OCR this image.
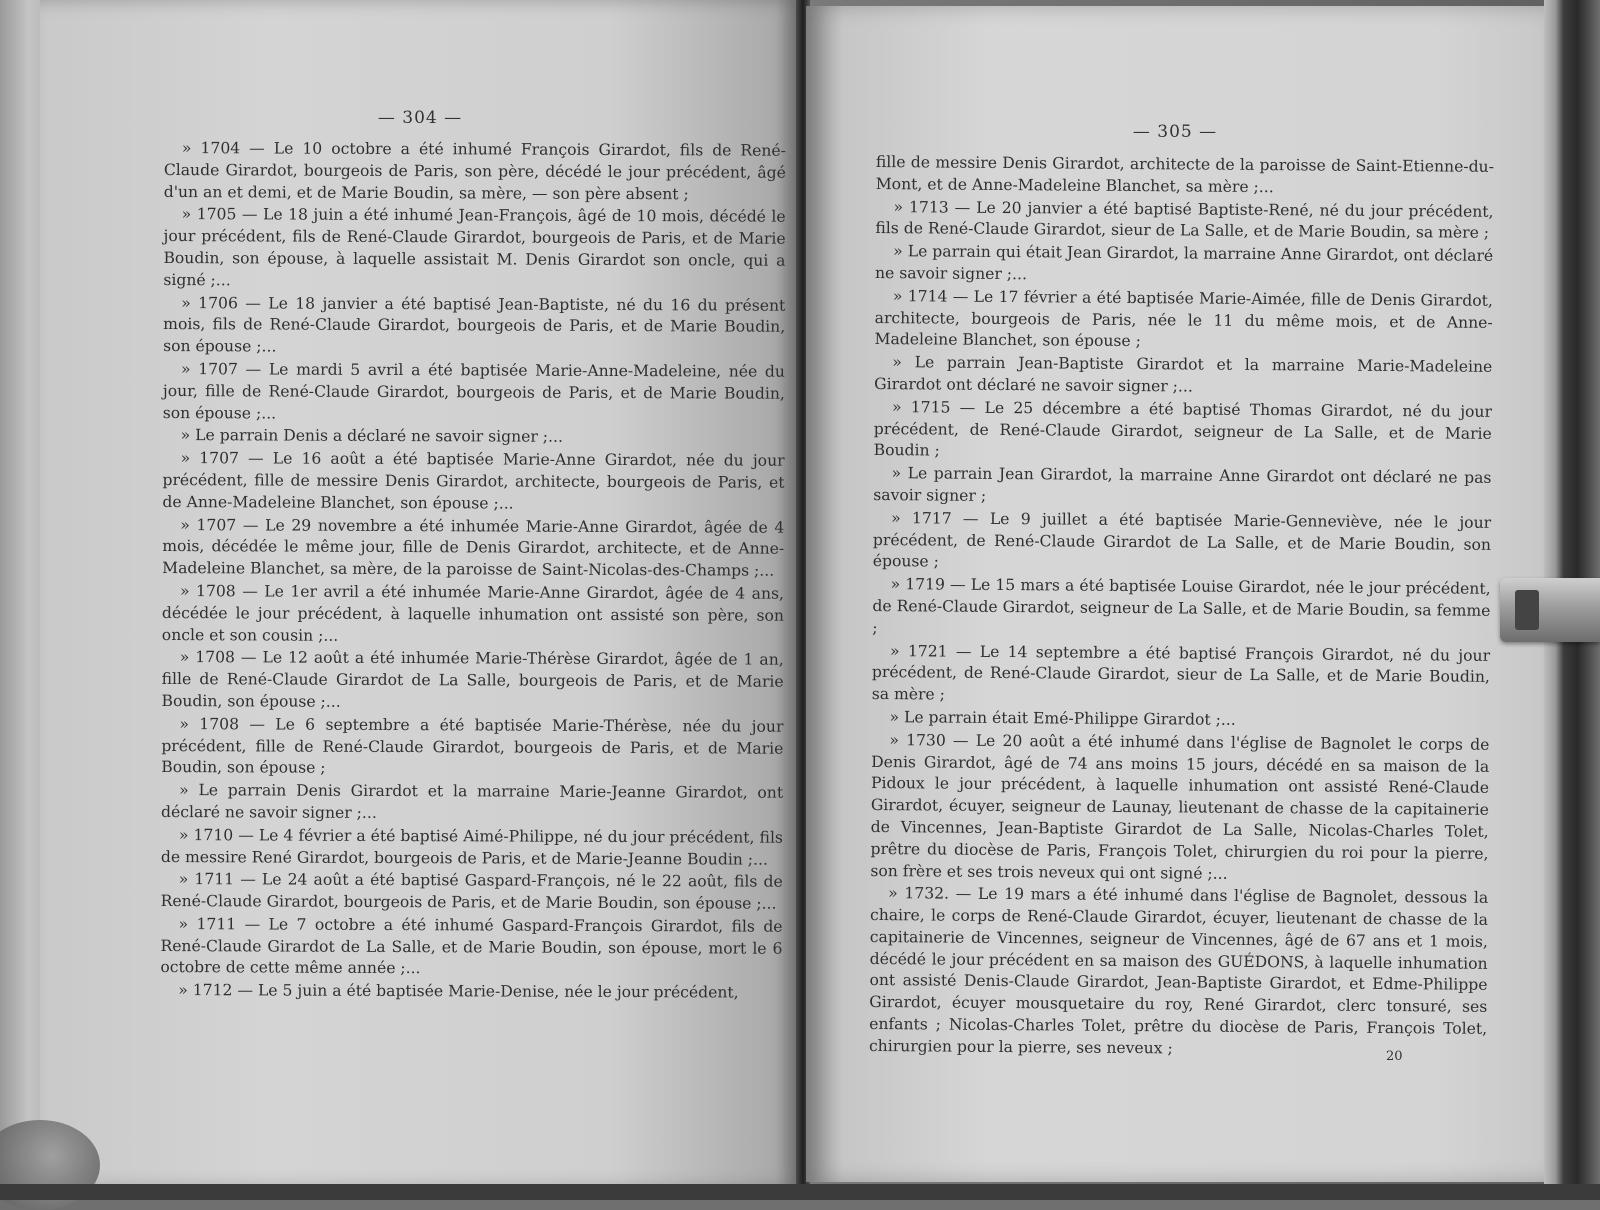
— 304 —

» 1704 — Le 10 octobre a été inhumé François Girardot, fils de René-Claude Girardot, bourgeois de Paris, son père, décédé le jour précédent, âgé d'un an et demi, et de Marie Boudin, sa mère, — son père absent ;

» 1705 — Le 18 juin a été inhumé Jean-François, âgé de 10 mois, décédé le jour précédent, fils de René-Claude Girardot, bourgeois de Paris, et de Marie Boudin, son épouse, à laquelle assistait M. Denis Girardot son oncle, qui a signé ;...

» 1706 — Le 18 janvier a été baptisé Jean-Baptiste, né du 16 du présent mois, fils de René-Claude Girardot, bourgeois de Paris, et de Marie Boudin, son épouse ;...

» 1707 — Le mardi 5 avril a été baptisée Marie-Anne-Madeleine, née du jour, fille de René-Claude Girardot, bourgeois de Paris, et de Marie Boudin, son épouse ;...

» Le parrain Denis a déclaré ne savoir signer ;...

» 1707 — Le 16 août a été baptisée Marie-Anne Girardot, née du jour précédent, fille de messire Denis Girardot, architecte, bourgeois de Paris, et de Anne-Madeleine Blanchet, son épouse ;...

» 1707 — Le 29 novembre a été inhumée Marie-Anne Girardot, âgée de 4 mois, décédée le même jour, fille de Denis Girardot, architecte, et de Anne-Madeleine Blanchet, sa mère, de la paroisse de Saint-Nicolas-des-Champs ;...

» 1708 — Le 1er avril a été inhumée Marie-Anne Girardot, âgée de 4 ans, décédée le jour précédent, à laquelle inhumation ont assisté son père, son oncle et son cousin ;...

» 1708 — Le 12 août a été inhumée Marie-Thérèse Girardot, âgée de 1 an, fille de René-Claude Girardot de La Salle, bourgeois de Paris, et de Marie Boudin, son épouse ;...

» 1708 — Le 6 septembre a été baptisée Marie-Thérèse, née du jour précédent, fille de René-Claude Girardot, bourgeois de Paris, et de Marie Boudin, son épouse ;

» Le parrain Denis Girardot et la marraine Marie-Jeanne Girardot, ont déclaré ne savoir signer ;...

» 1710 — Le 4 février a été baptisé Aimé-Philippe, né du jour précédent, fils de messire René Girardot, bourgeois de Paris, et de Marie-Jeanne Boudin ;...

» 1711 — Le 24 août a été baptisé Gaspard-François, né le 22 août, fils de René-Claude Girardot, bourgeois de Paris, et de Marie Boudin, son épouse ;...

» 1711 — Le 7 octobre a été inhumé Gaspard-François Girardot, fils de René-Claude Girardot de La Salle, et de Marie Boudin, son épouse, mort le 6 octobre de cette même année ;...

» 1712 — Le 5 juin a été baptisée Marie-Denise, née le jour précédent,

— 305 —

fille de messire Denis Girardot, architecte de la paroisse de Saint-Etienne-du-Mont, et de Anne-Madeleine Blanchet, sa mère ;...

» 1713 — Le 20 janvier a été baptisé Baptiste-René, né du jour précédent, fils de René-Claude Girardot, sieur de La Salle, et de Marie Boudin, sa mère ;

» Le parrain qui était Jean Girardot, la marraine Anne Girardot, ont déclaré ne savoir signer ;...

» 1714 — Le 17 février a été baptisée Marie-Aimée, fille de Denis Girardot, architecte, bourgeois de Paris, née le 11 du même mois, et de Anne-Madeleine Blanchet, son épouse ;

» Le parrain Jean-Baptiste Girardot et la marraine Marie-Madeleine Girardot ont déclaré ne savoir signer ;...

» 1715 — Le 25 décembre a été baptisé Thomas Girardot, né du jour précédent, de René-Claude Girardot, seigneur de La Salle, et de Marie Boudin ;

» Le parrain Jean Girardot, la marraine Anne Girardot ont déclaré ne pas savoir signer ;

» 1717 — Le 9 juillet a été baptisée Marie-Gennevièvе, née le jour précédent, de René-Claude Girardot de La Salle, et de Marie Boudin, son épouse ;

» 1719 — Le 15 mars a été baptisée Louise Girardot, née le jour précédent, de René-Claude Girardot, seigneur de La Salle, et de Marie Boudin, sa femme ;

» 1721 — Le 14 septembre a été baptisé François Girardot, né du jour précédent, de René-Claude Girardot, sieur de La Salle, et de Marie Boudin, sa mère ;

» Le parrain était Emé-Philippe Girardot ;...

» 1730 — Le 20 août a été inhumé dans l'église de Bagnolet le corps de Denis Girardot, âgé de 74 ans moins 15 jours, décédé en sa maison de la Pidoux le jour précédent, à laquelle inhumation ont assisté René-Claude Girardot, écuyer, seigneur de Launay, lieutenant de chasse de la capitainerie de Vincennes, Jean-Baptiste Girardot de La Salle, Nicolas-Charles Tolet, prêtre du diocèse de Paris, François Tolet, chirurgien du roi pour la pierre, son frère et ses trois neveux qui ont signé ;...

» 1732. — Le 19 mars a été inhumé dans l'église de Bagnolet, dessous la chaire, le corps de René-Claude Girardot, écuyer, lieutenant de chasse de la capitainerie de Vincennes, seigneur de Vincennes, âgé de 67 ans et 1 mois, décédé le jour précédent en sa maison des GUÉDONS, à laquelle inhumation ont assisté Denis-Claude Girardot, Jean-Baptiste Girardot, et Edme-Philippe Girardot, écuyer mousquetaire du roy, René Girardot, clerc tonsuré, ses enfants ; Nicolas-Charles Tolet, prêtre du diocèse de Paris, François Tolet, chirurgien pour la pierre, ses neveux ;	20
